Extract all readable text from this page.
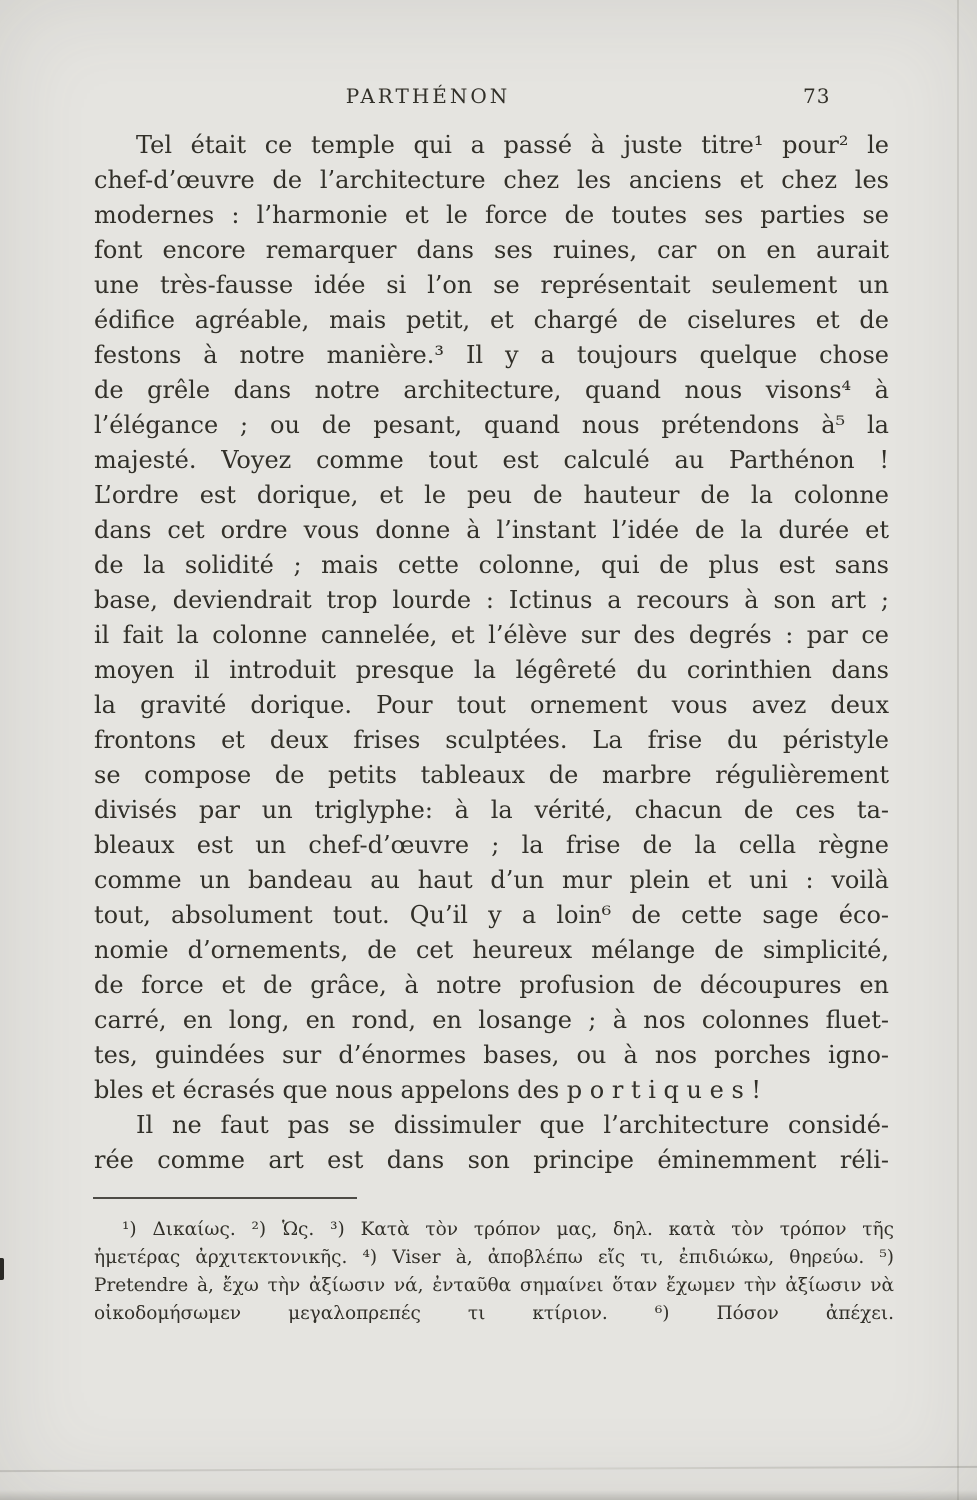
PARTHÉNON	73
Tel était ce temple qui a passé à juste titre¹ pour² le
chef-d’œuvre de l’architecture chez les anciens et chez les
modernes : l’harmonie et le force de toutes ses parties se
font encore remarquer dans ses ruines, car on en aurait
une très-fausse idée si l’on se représentait seulement un
édifice agréable, mais petit, et chargé de ciselures et de
festons à notre manière.³ Il y a toujours quelque chose
de grêle dans notre architecture, quand nous visons⁴ à
l’élégance ; ou de pesant, quand nous prétendons à⁵ la
majesté. Voyez comme tout est calculé au Parthénon !
L’ordre est dorique, et le peu de hauteur de la colonne
dans cet ordre vous donne à l’instant l’idée de la durée et
de la solidité ; mais cette colonne, qui de plus est sans
base, deviendrait trop lourde : Ictinus a recours à son art ;
il fait la colonne cannelée, et l’élève sur des degrés : par ce
moyen il introduit presque la légêreté du corinthien dans
la gravité dorique. Pour tout ornement vous avez deux
frontons et deux frises sculptées. La frise du péristyle
se compose de petits tableaux de marbre régulièrement
divisés par un triglyphe: à la vérité, chacun de ces ta-
bleaux est un chef-d’œuvre ; la frise de la cella règne
comme un bandeau au haut d’un mur plein et uni : voilà
tout, absolument tout. Qu’il y a loin⁶ de cette sage éco-
nomie d’ornements, de cet heureux mélange de simplicité,
de force et de grâce, à notre profusion de découpures en
carré, en long, en rond, en losange ; à nos colonnes fluet-
tes, guindées sur d’énormes bases, ou à nos porches igno-
bles et écrasés que nous appelons des p o r t i q u e s !
Il ne faut pas se dissimuler que l’architecture considé-
rée comme art est dans son principe éminemment réli-
¹) Δικαίως. ²) Ὡς. ³) Κατὰ τὸν τρόπον μας, δηλ. κατὰ τὸν τρόπον τῆς
ἡμετέρας ἀρχιτεκτονικῆς. ⁴) Viser à, ἀποβλέπω εἴς τι, ἐπιδιώκω, θηρεύω. ⁵)
Pretendre à, ἔχω τὴν ἀξίωσιν νά, ἐνταῦθα σημαίνει ὅταν ἔχωμεν τὴν ἀξίωσιν νὰ
οἰκοδομήσωμεν μεγαλοπρεπές τι κτίριον. ⁶) Πόσον ἀπέχει.
